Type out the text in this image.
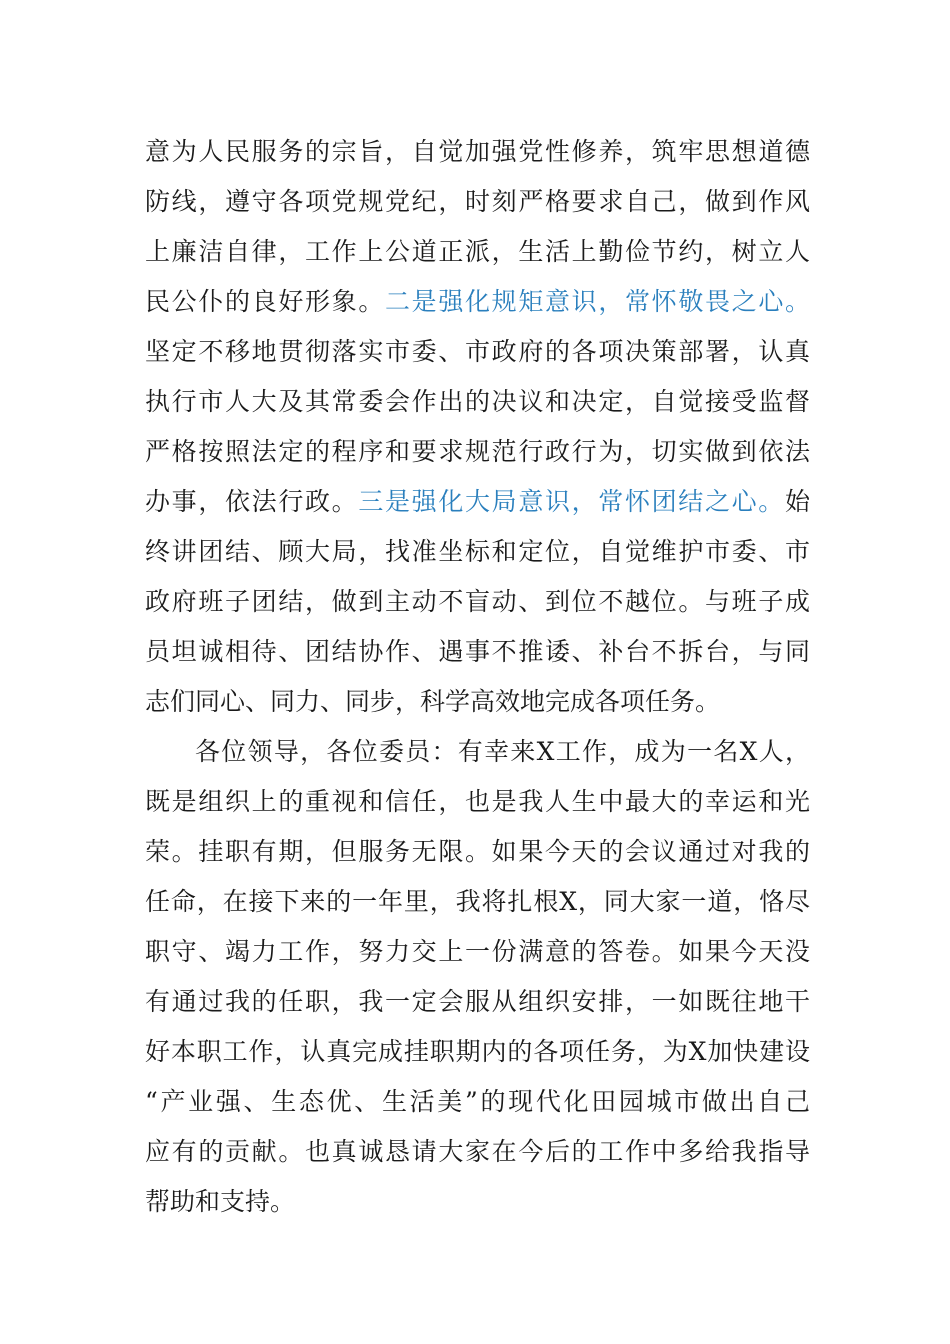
意为人民服务的宗旨，自觉加强党性修养，筑牢思想道德
防线，遵守各项党规党纪，时刻严格要求自己，做到作风
上廉洁自律，工作上公道正派，生活上勤俭节约，树立人
民公仆的良好形象。二是强化规矩意识，常怀敬畏之心。
坚定不移地贯彻落实市委、市政府的各项决策部署，认真
执行市人大及其常委会作出的决议和决定，自觉接受监督
严格按照法定的程序和要求规范行政行为，切实做到依法
办事，依法行政。三是强化大局意识，常怀团结之心。始
终讲团结、顾大局，找准坐标和定位，自觉维护市委、市
政府班子团结，做到主动不盲动、到位不越位。与班子成
员坦诚相待、团结协作、遇事不推诿、补台不拆台，与同
志们同心、同力、同步，科学高效地完成各项任务。
各位领导，各位委员：有幸来X工作，成为一名X人，
既是组织上的重视和信任，也是我人生中最大的幸运和光
荣。挂职有期，但服务无限。如果今天的会议通过对我的
任命，在接下来的一年里，我将扎根X，同大家一道，恪尽
职守、竭力工作，努力交上一份满意的答卷。如果今天没
有通过我的任职，我一定会服从组织安排，一如既往地干
好本职工作，认真完成挂职期内的各项任务，为X加快建设
“产业强、生态优、生活美”的现代化田园城市做出自己
应有的贡献。也真诚恳请大家在今后的工作中多给我指导
帮助和支持。
